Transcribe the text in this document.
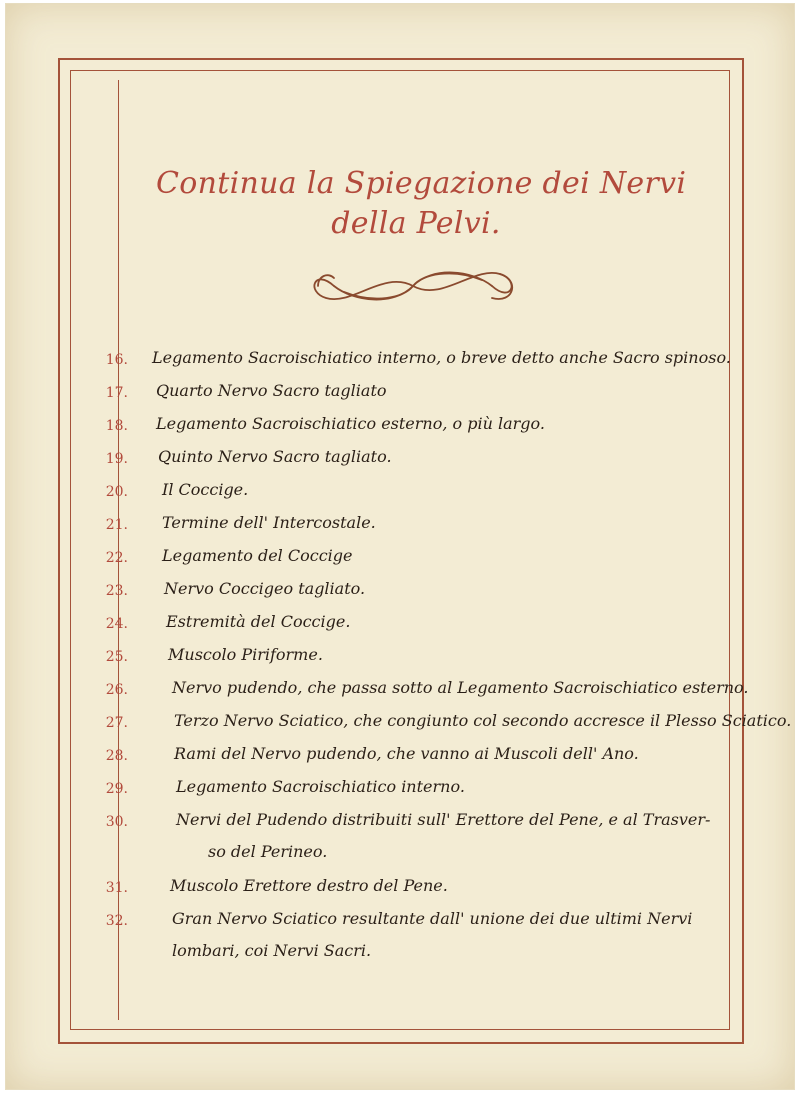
Continua la Spiegazione dei Nervi
della Pelvi.
16. Legamento Sacroischiatico interno, o breve detto anche Sacro spinoso.
17. Quarto Nervo Sacro tagliato
18. Legamento Sacroischiatico esterno, o più largo.
19. Quinto Nervo Sacro tagliato.
20. Il Coccige.
21. Termine dell' Intercostale.
22. Legamento del Coccige
23. Nervo Coccigeo tagliato.
24. Estremità del Coccige.
25.	Muscolo Piriforme.
26.	Nervo pudendo, che passa sotto al Legamento Sacroischiatico esterno.
27.	Terzo Nervo Sciatico, che congiunto col secondo accresce il Plesso Sciatico.
28.	Rami del Nervo pudendo, che vanno ai Muscoli dell' Ano.
29.	Legamento Sacroischiatico interno.
30.	Nervi del Pudendo distribuiti sull' Erettore del Pene, e al Trasver-
so del Perineo.
31.	Muscolo Erettore destro del Pene.
32.	Gran Nervo Sciatico resultante dall' unione dei due ultimi Nervi
lombari, coi Nervi Sacri.
